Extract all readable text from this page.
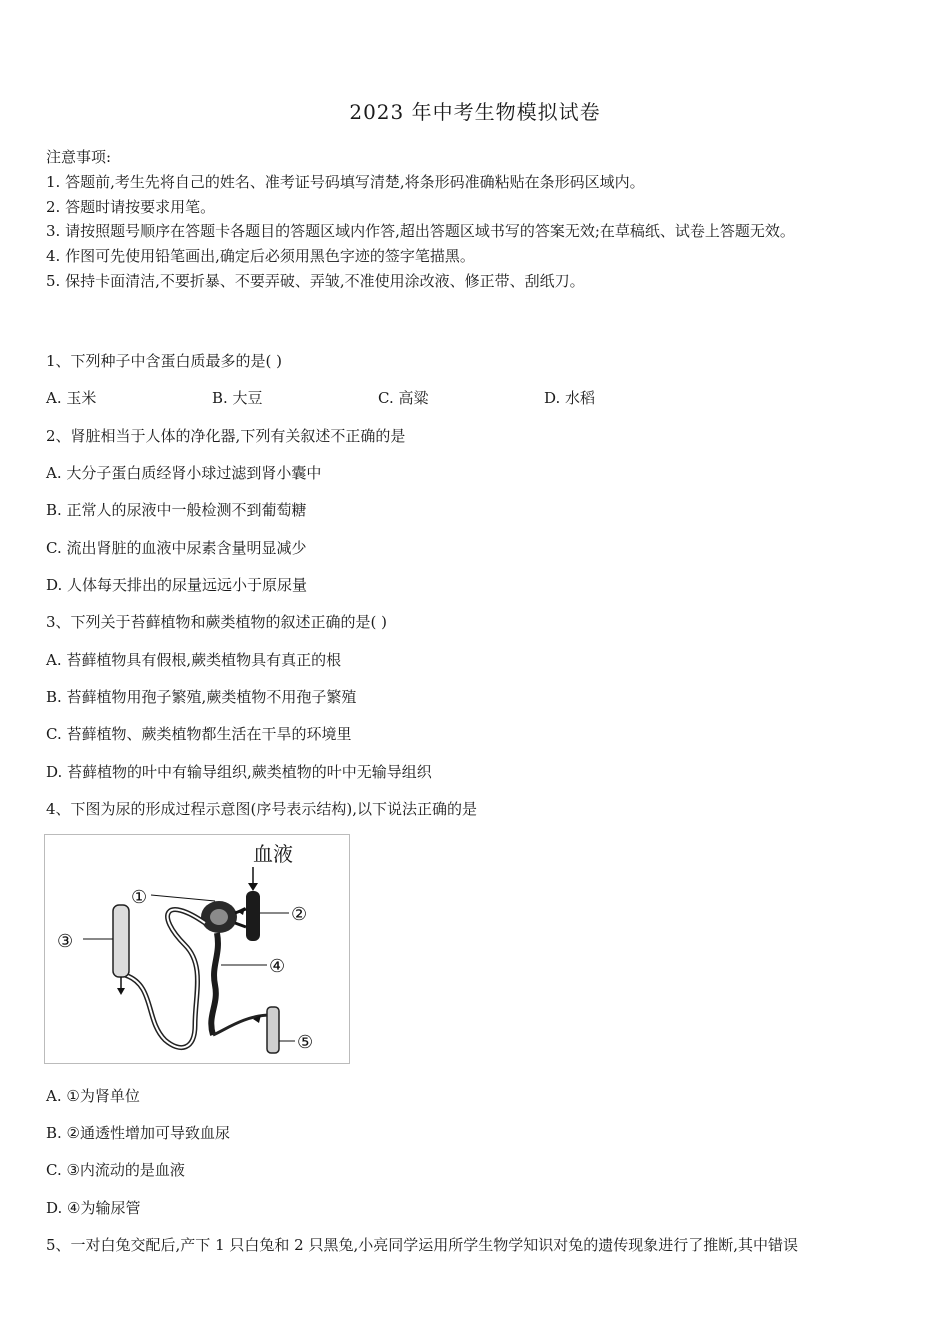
2023 年中考生物模拟试卷
注意事项:
1. 答题前,考生先将自己的姓名、准考证号码填写清楚,将条形码准确粘贴在条形码区域内。
2. 答题时请按要求用笔。
3. 请按照题号顺序在答题卡各题目的答题区域内作答,超出答题区域书写的答案无效;在草稿纸、试卷上答题无效。
4. 作图可先使用铅笔画出,确定后必须用黑色字迹的签字笔描黑。
5. 保持卡面清洁,不要折暴、不要弄破、弄皱,不准使用涂改液、修正带、刮纸刀。
1、下列种子中含蛋白质最多的是( )
A. 玉米	B. 大豆	C. 高粱	D. 水稻
2、肾脏相当于人体的净化器,下列有关叙述不正确的是
A. 大分子蛋白质经肾小球过滤到肾小囊中
B. 正常人的尿液中一般检测不到葡萄糖
C. 流出肾脏的血液中尿素含量明显减少
D. 人体每天排出的尿量远远小于原尿量
3、下列关于苔藓植物和蕨类植物的叙述正确的是( )
A. 苔藓植物具有假根,蕨类植物具有真正的根
B. 苔藓植物用孢子繁殖,蕨类植物不用孢子繁殖
C. 苔藓植物、蕨类植物都生活在干旱的环境里
D. 苔藓植物的叶中有输导组织,蕨类植物的叶中无输导组织
4、下图为尿的形成过程示意图(序号表示结构),以下说法正确的是
血液
①
②
③
④
⑤
A. ①为肾单位
B. ②通透性增加可导致血尿
C. ③内流动的是血液
D. ④为输尿管
5、一对白兔交配后,产下 1 只白兔和 2 只黑兔,小亮同学运用所学生物学知识对兔的遗传现象进行了推断,其中错误
